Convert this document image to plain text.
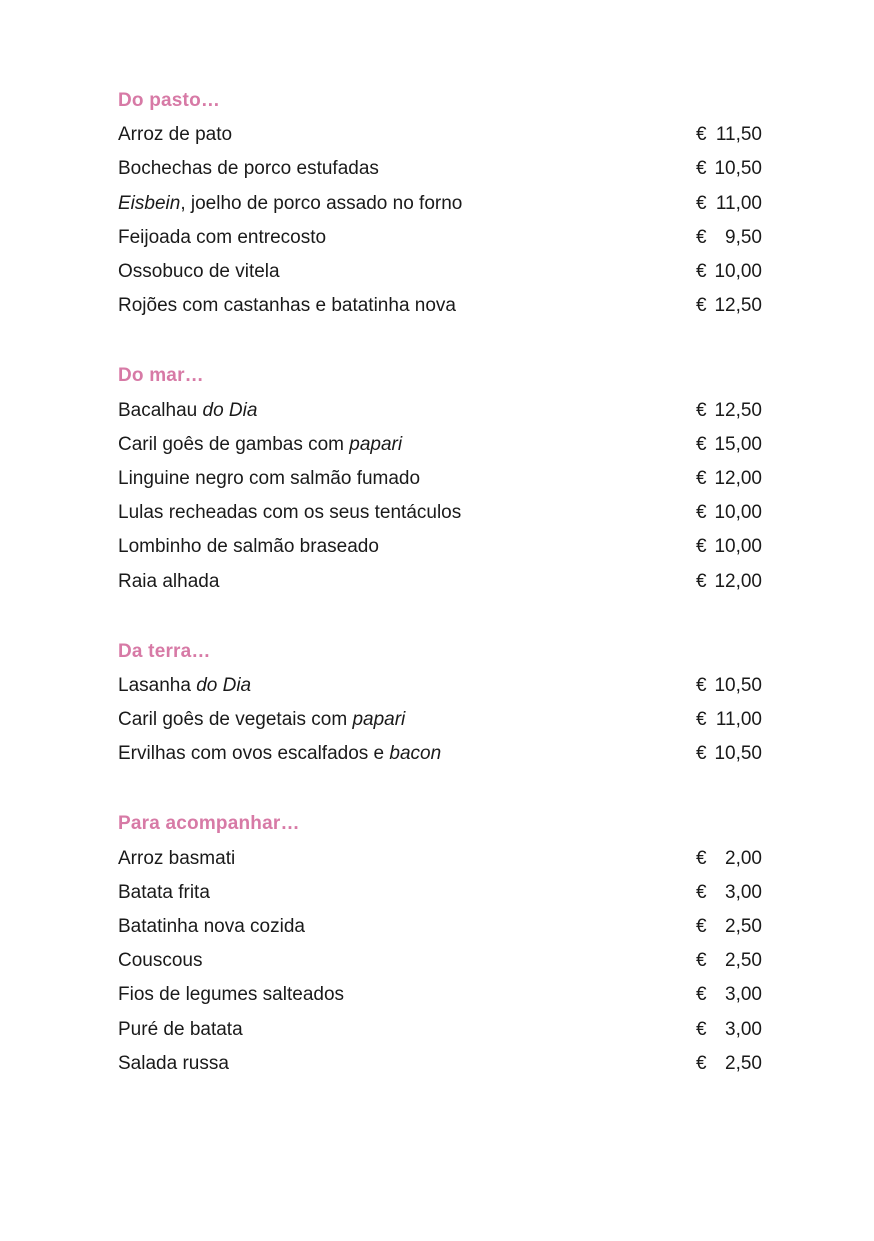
Do pasto…
Arroz de pato	€ 11,50
Bochechas de porco estufadas	€ 10,50
Eisbein, joelho de porco assado no forno	€ 11,00
Feijoada com entrecosto	€ 9,50
Ossobuco de vitela	€ 10,00
Rojões com castanhas e batatinha nova	€ 12,50
Do mar…
Bacalhau do Dia	€ 12,50
Caril goês de gambas com papari	€ 15,00
Linguine negro com salmão fumado	€ 12,00
Lulas recheadas com os seus tentáculos	€ 10,00
Lombinho de salmão braseado	€ 10,00
Raia alhada	€ 12,00
Da terra…
Lasanha do Dia	€ 10,50
Caril goês de vegetais com papari	€ 11,00
Ervilhas com ovos escalfados e bacon	€ 10,50
Para acompanhar…
Arroz basmati	€ 2,00
Batata frita	€ 3,00
Batatinha nova cozida	€ 2,50
Couscous	€ 2,50
Fios de legumes salteados	€ 3,00
Puré de batata	€ 3,00
Salada russa	€ 2,50
